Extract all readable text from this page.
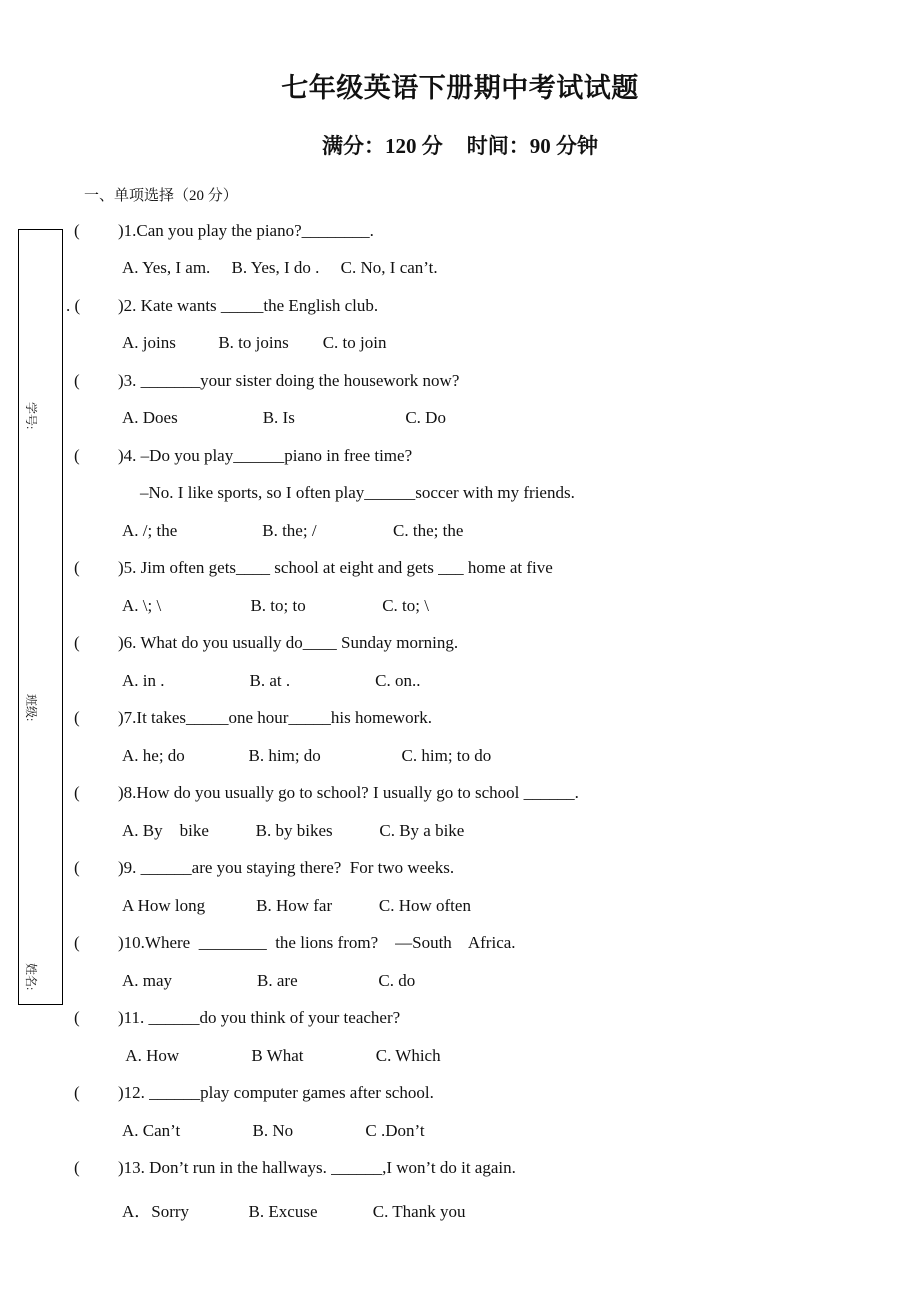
七年级英语下册期中考试试题
满分：120 分 时间：90 分钟
一、单项选择（20 分）
学号:
班级:
姓名:
( )1.Can you play the piano?________.
A. Yes, I am.     B. Yes, I do .     C. No, I can’t.
. ( )2. Kate wants _____the English club.
A. joins          B. to joins        C. to join
( )3. _______your sister doing the housework now?
A. Does                    B. Is                          C. Do
( )4. –Do you play______piano in free time?
–No. I like sports, so I often play______soccer with my friends.
A. /; the                    B. the; /                  C. the; the
( )5. Jim often gets____ school at eight and gets ___ home at five
A. \; \                     B. to; to                  C. to; \
( )6. What do you usually do____ Sunday morning.
A. in .                    B. at .                    C. on..
( )7.It takes_____one hour_____his homework.
A. he; do               B. him; do                   C. him; to do
( )8.How do you usually go to school? I usually go to school ______.
A. By    bike           B. by bikes           C. By a bike
( )9. ______are you staying there?  For two weeks.
A How long            B. How far           C. How often
( )10.Where  ________  the lions from?    —South    Africa.
A. may                    B. are                   C. do
( )11. ______do you think of your teacher?
A. How                 B What                 C. Which
( )12. ______play computer games after school.
A. Can’t                 B. No                 C .Don’t
( )13. Don’t run in the hallways. ______,I won’t do it again.
A．Sorry              B. Excuse             C. Thank you
